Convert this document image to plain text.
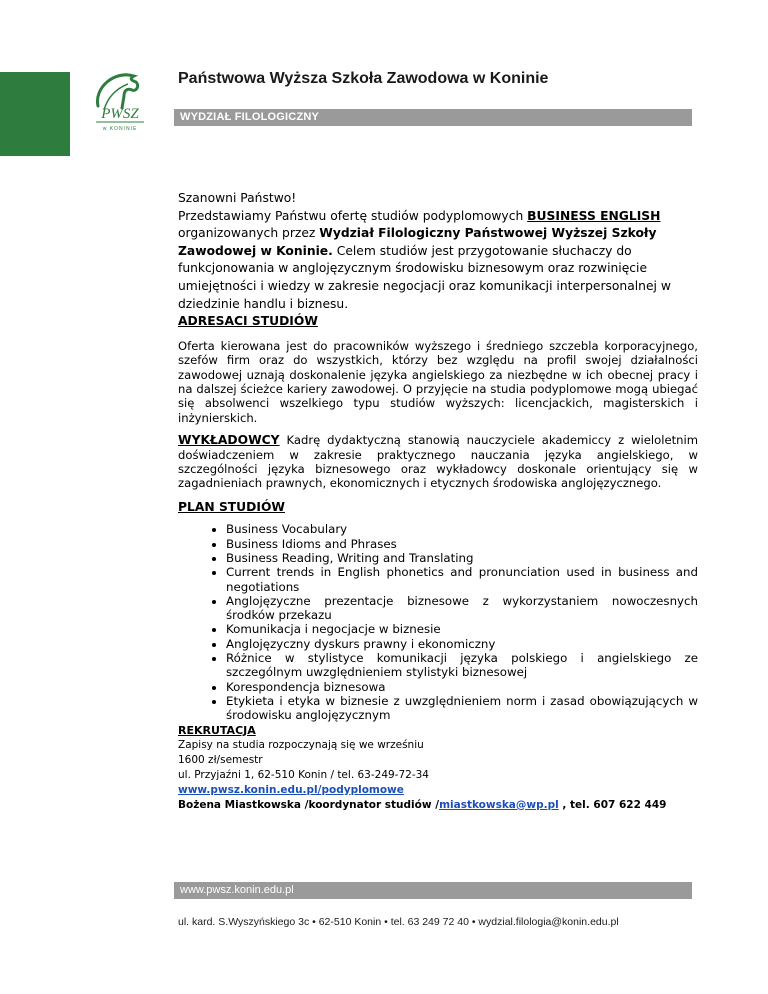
PWSZ
w KONINIE
Państwowa Wyższa Szkoła Zawodowa w Koninie
WYDZIAŁ FILOLOGICZNY

Szanowni Państwo!

Przedstawiamy Państwu ofertę studiów podyplomowych BUSINESS ENGLISH organizowanych przez Wydział Filologiczny Państwowej Wyższej Szkoły Zawodowej w Koninie. Celem studiów jest przygotowanie słuchaczy do funkcjonowania w anglojęzycznym środowisku biznesowym oraz rozwinięcie umiejętności i wiedzy w zakresie negocjacji oraz komunikacji interpersonalnej w dziedzinie handlu i biznesu.

ADRESACI STUDIÓW

Oferta kierowana jest do pracowników wyższego i średniego szczebla korporacyjnego, szefów firm oraz do wszystkich, którzy bez względu na profil swojej działalności zawodowej uznają doskonalenie języka angielskiego za niezbędne w ich obecnej pracy i na dalszej ścieżce kariery zawodowej. O przyjęcie na studia podyplomowe mogą ubiegać się absolwenci wszelkiego typu studiów wyższych: licencjackich, magisterskich i inżynierskich.

WYKŁADOWCY Kadrę dydaktyczną stanowią nauczyciele akademiccy z wieloletnim doświadczeniem w zakresie praktycznego nauczania języka angielskiego, w szczególności języka biznesowego oraz wykładowcy doskonale orientujący się w zagadnieniach prawnych, ekonomicznych i etycznych środowiska anglojęzycznego.

PLAN STUDIÓW

• Business Vocabulary
• Business Idioms and Phrases
• Business Reading, Writing and Translating
• Current trends in English phonetics and pronunciation used in business and negotiations
• Anglojęzyczne prezentacje biznesowe z wykorzystaniem nowoczesnych środków przekazu
• Komunikacja i negocjacje w biznesie
• Anglojęzyczny dyskurs prawny i ekonomiczny
• Różnice w stylistyce komunikacji języka polskiego i angielskiego ze szczególnym uwzględnieniem stylistyki biznesowej
• Korespondencja biznesowa
• Etykieta i etyka w biznesie z uwzględnieniem norm i zasad obowiązujących w środowisku anglojęzycznym

REKRUTACJA

Zapisy na studia rozpoczynają się we wrześniu

1600 zł/semestr

ul. Przyjaźni 1, 62-510 Konin / tel. 63-249-72-34

www.pwsz.konin.edu.pl/podyplomowe

Bożena Miastkowska /koordynator studiów /miastkowska@wp.pl , tel. 607 622 449

www.pwsz.konin.edu.pl
ul. kard. S.Wyszyńskiego 3c • 62-510 Konin • tel. 63 249 72 40 • wydzial.filologia@konin.edu.pl
